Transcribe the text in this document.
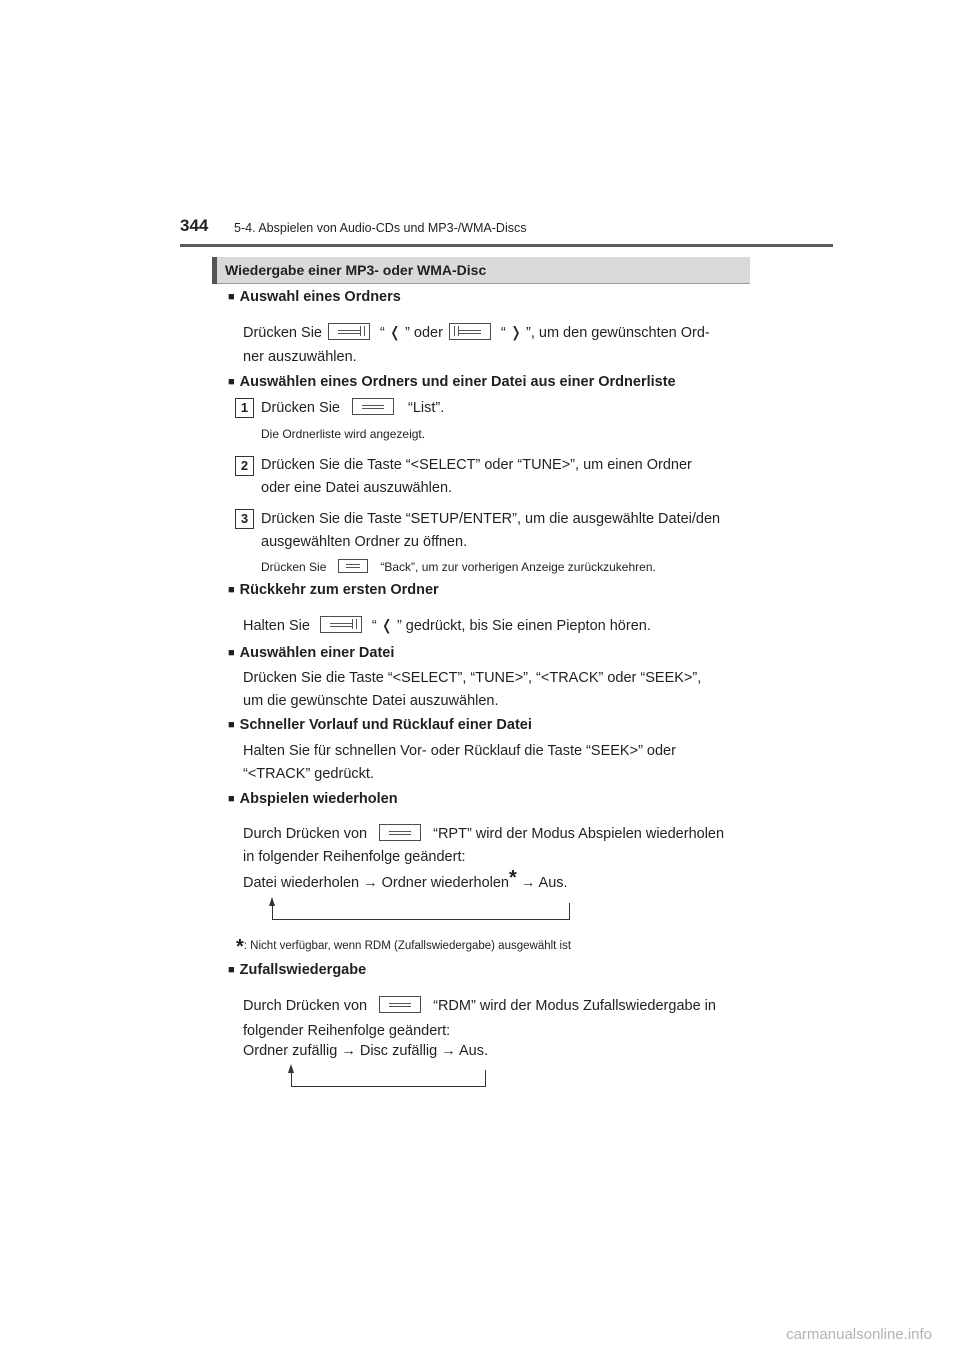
344 5-4. Abspielen von Audio-CDs und MP3-/WMA-Discs
Wiedergabe einer MP3- oder WMA-Disc
■ Auswahl eines Ordners
Drücken Sie	“ ❬ ” oder	“ ❭ ”, um den gewünschten Ord-
ner auszuwählen.
■ Auswählen eines Ordners und einer Datei aus einer Ordnerliste
1 Drücken Sie	“List”.
Die Ordnerliste wird angezeigt.
2 Drücken Sie die Taste “<SELECT” oder “TUNE>”, um einen Ordner
oder eine Datei auszuwählen.
3 Drücken Sie die Taste “SETUP/ENTER”, um die ausgewählte Datei/den
ausgewählten Ordner zu öffnen.
Drücken Sie	“Back”, um zur vorherigen Anzeige zurückzukehren.
■ Rückkehr zum ersten Ordner
Halten Sie	“ ❬ ” gedrückt, bis Sie einen Piepton hören.
■ Auswählen einer Datei
Drücken Sie die Taste “<SELECT”, “TUNE>”, “<TRACK” oder “SEEK>”,
um die gewünschte Datei auszuwählen.
■ Schneller Vorlauf und Rücklauf einer Datei
Halten Sie für schnellen Vor- oder Rücklauf die Taste “SEEK>” oder
“<TRACK” gedrückt.
■ Abspielen wiederholen
Durch Drücken von	“RPT” wird der Modus Abspielen wiederholen
in folgender Reihenfolge geändert:
Datei wiederholen → Ordner wiederholen* → Aus.
*: Nicht verfügbar, wenn RDM (Zufallswiedergabe) ausgewählt ist
■ Zufallswiedergabe
Durch Drücken von	“RDM” wird der Modus Zufallswiedergabe in
folgender Reihenfolge geändert:
Ordner zufällig → Disc zufällig → Aus.
carmanualsonline.info
